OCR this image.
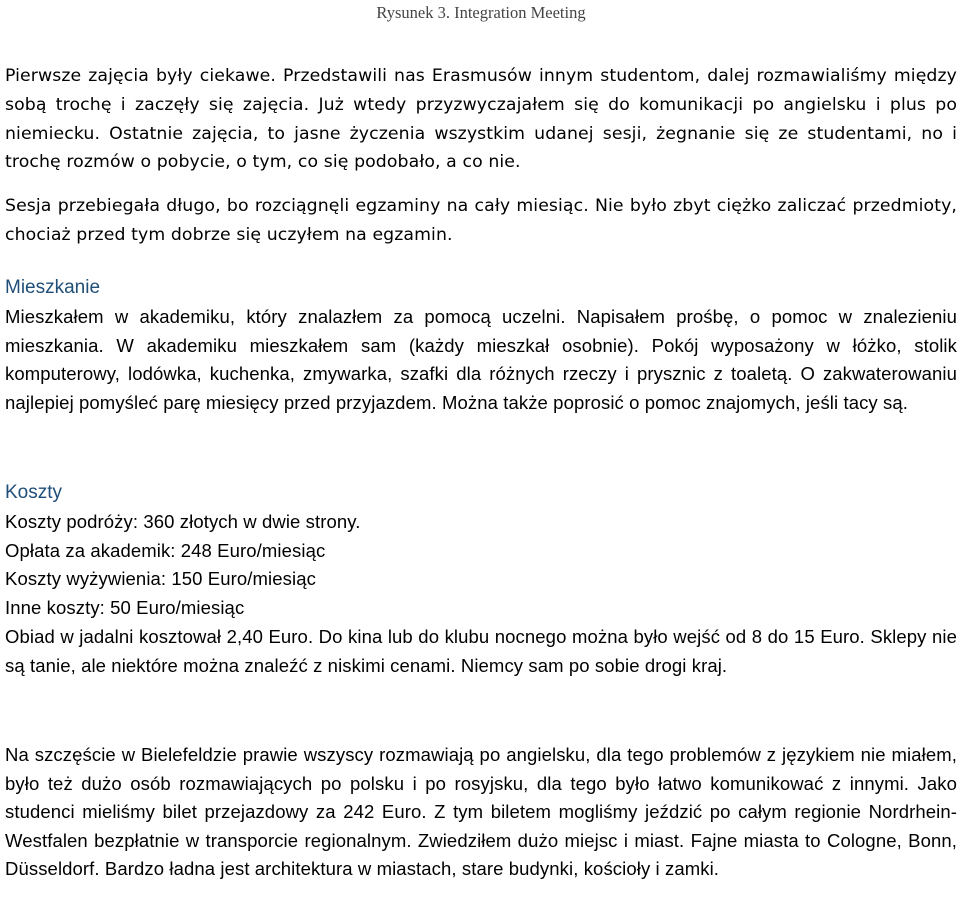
Rysunek 3. Integration Meeting

Pierwsze zajęcia były ciekawe. Przedstawili nas Erasmusów innym studentom, dalej rozmawialiśmy między sobą trochę i zaczęły się zajęcia. Już wtedy przyzwyczajałem się do komunikacji po angielsku i plus po niemiecku. Ostatnie zajęcia, to jasne życzenia wszystkim udanej sesji, żegnanie się ze studentami, no i trochę rozmów o pobycie, o tym, co się podobało, a co nie.

Sesja przebiegała długo, bo rozciągnęli egzaminy na cały miesiąc. Nie było zbyt ciężko zaliczać przedmioty, chociaż przed tym dobrze się uczyłem na egzamin.

Mieszkanie

Mieszkałem w akademiku, który znalazłem za pomocą uczelni. Napisałem prośbę, o pomoc w znalezieniu mieszkania. W akademiku mieszkałem sam (każdy mieszkał osobnie). Pokój wyposażony w łóżko, stolik komputerowy, lodówka, kuchenka, zmywarka, szafki dla różnych rzeczy i prysznic z toaletą. O zakwaterowaniu najlepiej pomyśleć parę miesięcy przed przyjazdem. Można także poprosić o pomoc znajomych, jeśli tacy są.

Koszty
Koszty podróży: 360 złotych w dwie strony.
Opłata za akademik: 248 Euro/miesiąc
Koszty wyżywienia: 150 Euro/miesiąc
Inne koszty: 50 Euro/miesiąc

Obiad w jadalni kosztował 2,40 Euro. Do kina lub do klubu nocnego można było wejść od 8 do 15 Euro. Sklepy nie są tanie, ale niektóre można znaleźć z niskimi cenami. Niemcy sam po sobie drogi kraj.

Na szczęście w Bielefeldzie prawie wszyscy rozmawiają po angielsku, dla tego problemów z językiem nie miałem, było też dużo osób rozmawiających po polsku i po rosyjsku, dla tego było łatwo komunikować z innymi. Jako studenci mieliśmy bilet przejazdowy za 242 Euro. Z tym biletem mogliśmy jeździć po całym regionie Nordrhein-Westfalen bezpłatnie w transporcie regionalnym. Zwiedziłem dużo miejsc i miast. Fajne miasta to Cologne, Bonn, Düsseldorf. Bardzo ładna jest architektura w miastach, stare budynki, kościoły i zamki.
